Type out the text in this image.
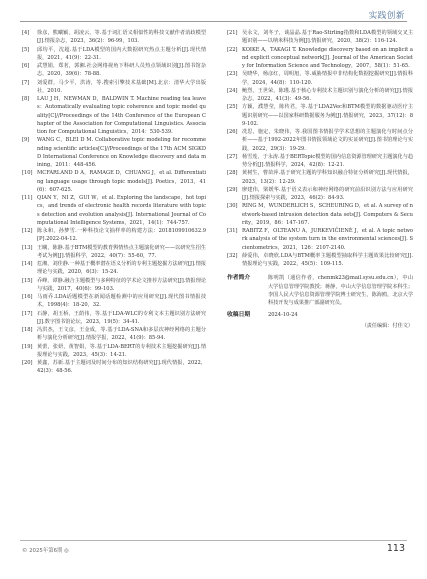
实践创新
[4]	徐彦，熊曦颖，胡凌云，等.基于词汇语义相似性的科技文献作者消歧模型[J].情报杂志，2023，36(2)：96-99，103.
[5]	邱均平，沈超.基于LDA模型的国内大数据研究热点主题分析[J].现代情报，2021，41(9)：22-31.
[6]	武慧娟，郑茗，郭湘.社会网络视角下科研人员热点领域识别[J].图书馆杂志，2020，39(6)：78-88.
[7]	刘爱群，马少平，洪涛，等.搜索引擎技术基础[M].北京：清华大学出版社，2010.
[8]	LAU J H，NEWMAN D，BALDWIN T. Machine reading tea leaves：Automatically evaluating topic coherence and topic model quality[C]//Proceedings of the 14th Conference of the European Chapter of the Association for Computational Linguistics. Association for Computational Linguistics，2014：530-539.
[9]	WANG C，BLEI D M. Collaborative topic modeling for recommending scientific articles[C]//Proceedings of the 17th ACM SIGKDD International Conference on Knowledge discovery and data mining，2011：448-456.
[10] MCFARLAND D A，RAMAGE D，CHUANG J，et al. Differentiating language usage through topic models[J]. Poetics，2013，41(6)：607-625.
[11] QIAN Y，NI Z，GUI W，et al. Exploring the landscape，hot topics，and trends of electronic health records literature with topics detection and evolution analysis[J]. International Journal of Computational Intelligence Systems，2021，14(1)：744-757.
[12] 陈永和，孙梦雪.一种科技论文抽样率的构建方法：2018109910632.9[P].2022-04-12.
[13] 王曦，陈静.基于BTM模型的教育舆情热点主题演化研究——以研究生招生考试为例[J].情报科学，2022，40(7)：55-60，77.
[14] 危湘，刘佳静.一种基于概率潜在语义分析的专利主题挖掘方法研究[J].情报理论与实践，2020，6(3)：15-24.
[15] 乔峰，谭静.融合主题模型与多种特征的学术论文推荐方法研究[J].情报理论与实践，2017，40(6)：99-103.
[16] 马雨乔.LDA话题模型在新闻话题检测中的应用研究[J].现代图书情报技术，1998(4)：18-20，32.
[17] 石静，胡玉桥，王荫伟，等.基于LDA-WLC的专利文本主题识别方法研究[J].数字图书馆论坛，2023，19(5)：34-41.
[18] 冯洪杰，王文彦，王金成，等.基于LDA-SNA和多层次神经网络的主题分析与演化分析研究[J].情报学报，2022，41(9)：85-94.
[19] 黄蕾，张妍，黄智娟，等.基于LDA-BERT的专利技术主题挖掘研究[J].情报理论与实践，2023，45(3)：14-21.
[20] 黄鑫，苏新.基于主题词及时间分布的知识结构研究[J].现代情报，2022，42(3)：48-56.
[21] 吴永文，刘冬子，谈晶晶.基于Rao-Stirling指数和LDA模型的领域交叉主题识别——以纳米科技为例[J].情报研究，2020，38(2)：116-124.
[22] KOIKE A，TAKAGI T. Knowledge discovery based on an implicit and explicit conceptual network[J]. Journal of the American Society for Information Science and Technology，2007，58(1)：51-65.
[23] 吴晓华，杨彦红，周明旭，等.威胁情报中非结构化数据挖掘研究[J].情报科学，2024，44(8)：110-120.
[24] 鲍烈，王世荣，陈瑾.基于核心专利技术主题识别与演化分析的研究[J].情报杂志，2022，41(3)：49-56.
[25] 方颖，濮慧莹，陈传君，等.基于LDA2Vec和BTM模型的数据驱动医疗主题识别研究——以国家科研数据服务为例[J].情报研究，2023，37(12)：89-102.
[26] 冼思，施定，朱晓伟，等.我国图书情报学学术思想的主题演化与时间点分析——基于1992-2022年图书情报领域论文的实证研究[J].图书馆理论与实践，2022，29(3)：19-29.
[27] 杨雪莲，于永涛.基于BERTopic模型的国内信息资源管理研究主题演化与趋势分析[J].情报科学，2024，42(8)：12-21.
[28] 黄树生，曹苗萍.基于研究主题的学科知识融合特征分析研究[J].现代情报，2023，13(2)：12-29.
[29] 廖建伟，梁媛华.基于语义表示和神经网络的研究前沿识别方法与应用研究[J].情报探索与实践，2023，46(2)：84-93.
[30] RING M，WUNDERLICH S，SCHEURING D，et al. A survey of network-based intrusion detection data sets[J]. Computers & Security，2019，86：147-167.
[31] RABITZ F，OLTEANU A，JURKEVIČIENĖ J，et al. A topic network analysis of the system turn in the environmental sciences[J]. Scientometrics，2021，126：2107-2140.
[32] 薛爱伟，卓晓欣.LDA与BTM概率主题模型抽取科学主题效果比较研究[J].情报理论与实践，2022，45(5)：109-115.
作者简介	陈明凯（通信作者，chenmk23@mail.sysu.edu.cn），中山大学信息管理学院教授；蒋静，中山大学信息管理学院本科生；李国人民大学信息资源管理学院博士研究生，陈海鸥，北京大学科技开发与成果推广部副研究员。
收稿日期	2024-10-24
（责任编辑：付佳文）
© 2025年第6期 ◎	113
